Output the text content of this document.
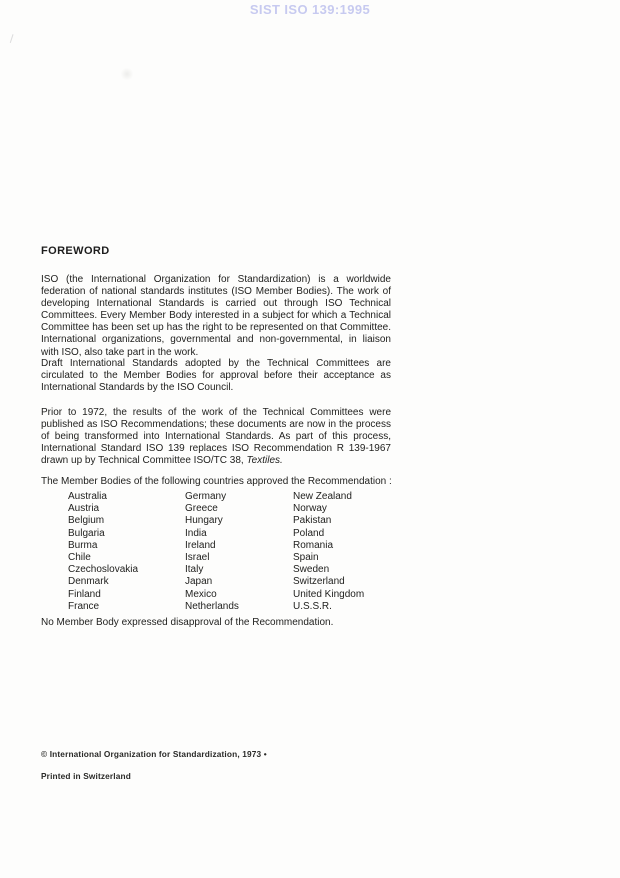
SIST ISO 139:1995
FOREWORD

ISO (the International Organization for Standardization) is a worldwide federation of national standards institutes (ISO Member Bodies). The work of developing International Standards is carried out through ISO Technical Committees. Every Member Body interested in a subject for which a Technical Committee has been set up has the right to be represented on that Committee. International organizations, governmental and non-governmental, in liaison with ISO, also take part in the work.

Draft International Standards adopted by the Technical Committees are circulated to the Member Bodies for approval before their acceptance as International Standards by the ISO Council.

Prior to 1972, the results of the work of the Technical Committees were published as ISO Recommendations; these documents are now in the process of being transformed into International Standards. As part of this process, International Standard ISO 139 replaces ISO Recommendation R 139-1967 drawn up by Technical Committee ISO/TC 38, Textiles.

The Member Bodies of the following countries approved the Recommendation :
Australia
Austria
Belgium
Bulgaria
Burma
Chile
Czechoslovakia
Denmark
Finland
France
Germany
Greece
Hungary
India
Ireland
Israel
Italy
Japan
Mexico
Netherlands
New Zealand
Norway
Pakistan
Poland
Romania
Spain
Sweden
Switzerland
United Kingdom
U.S.S.R.
No Member Body expressed disapproval of the Recommendation.
© International Organization for Standardization, 1973 •
Printed in Switzerland
